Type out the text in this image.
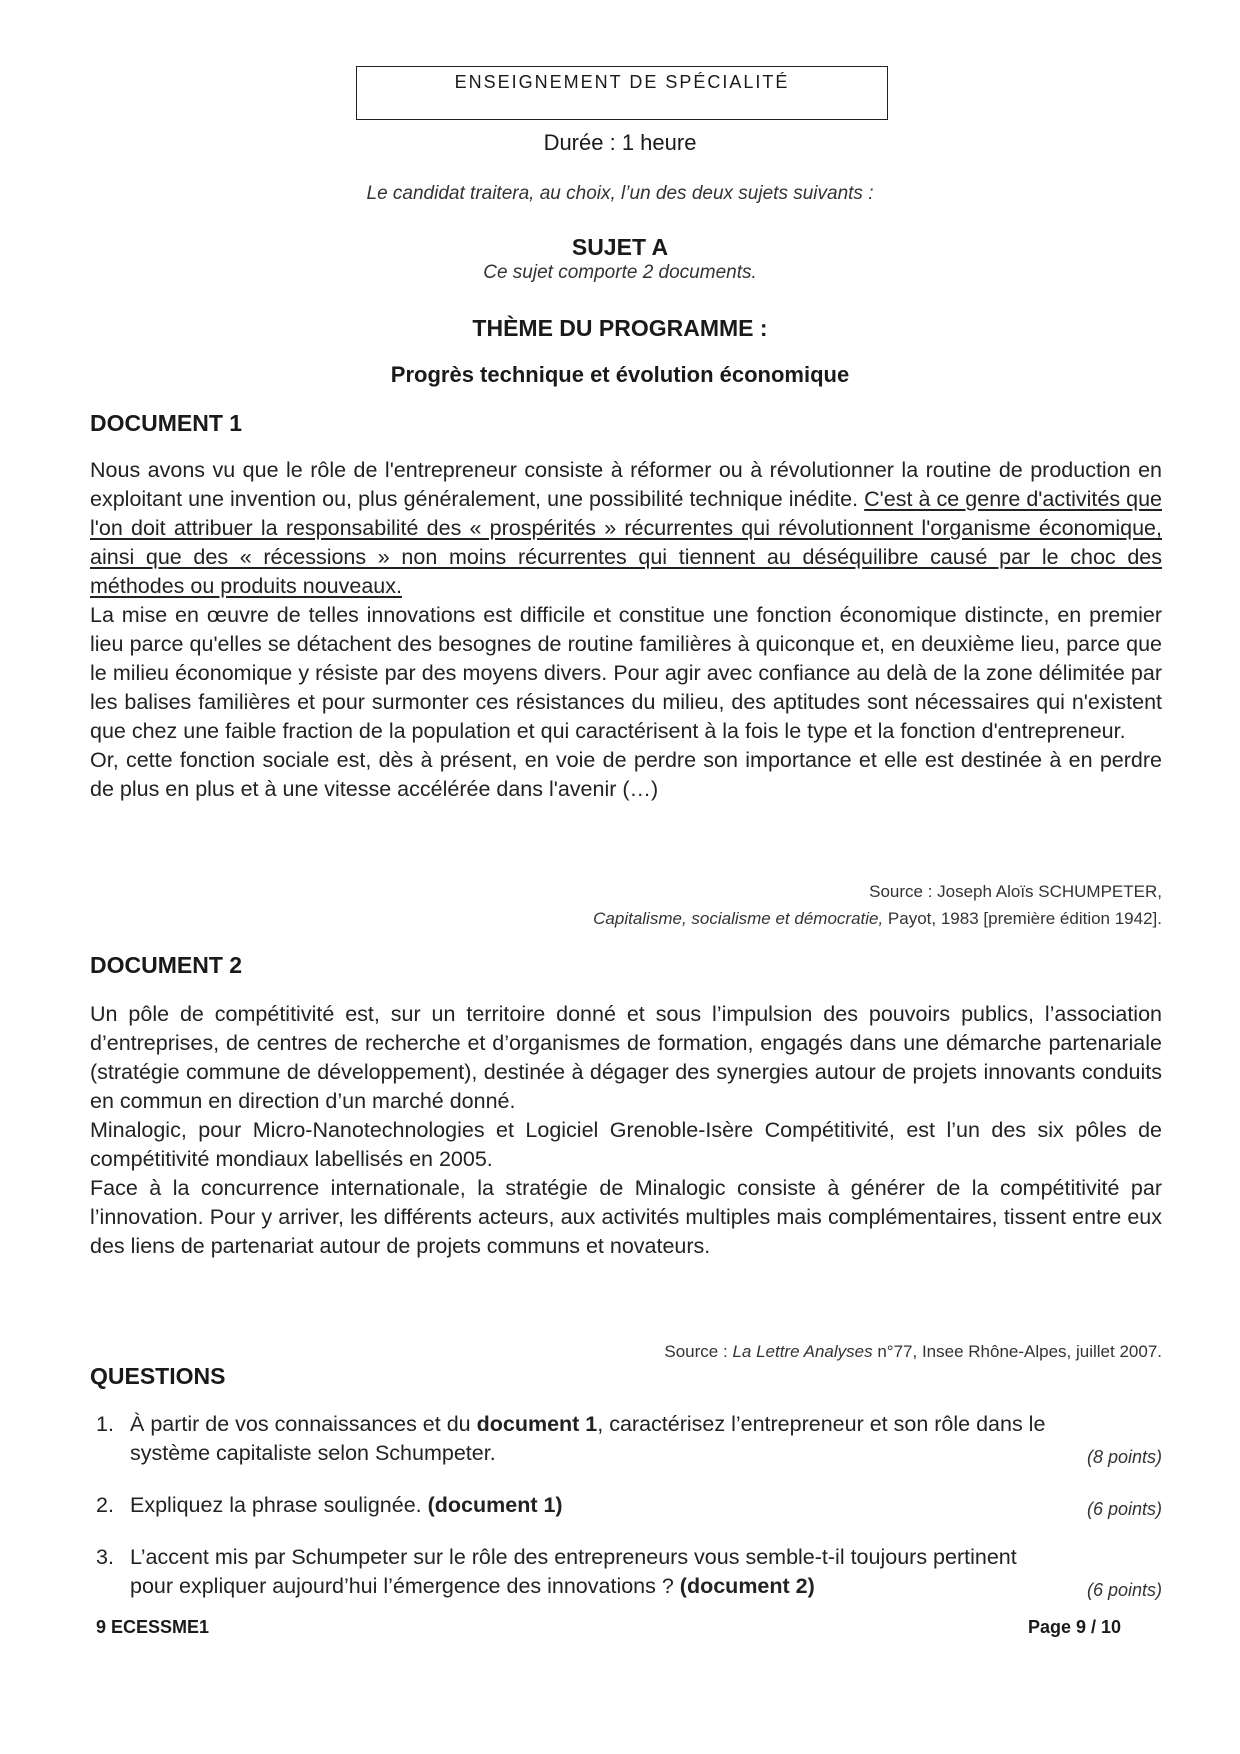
ENSEIGNEMENT DE SPÉCIALITÉ
Durée : 1 heure
Le candidat traitera, au choix, l’un des deux sujets suivants :
SUJET A
Ce sujet comporte 2 documents.
THÈME DU PROGRAMME :
Progrès technique et évolution économique
DOCUMENT 1

Nous avons vu que le rôle de l'entrepreneur consiste à réformer ou à révolutionner la routine de production en exploitant une invention ou, plus généralement, une possibilité technique inédite. C'est à ce genre d'activités que l'on doit attribuer la responsabilité des « prospérités » récurrentes qui révolutionnent l'organisme économique, ainsi que des « récessions » non moins récurrentes qui tiennent au déséquilibre causé par le choc des méthodes ou produits nouveaux.

La mise en œuvre de telles innovations est difficile et constitue une fonction économique distincte, en premier lieu parce qu'elles se détachent des besognes de routine familières à quiconque et, en deuxième lieu, parce que le milieu économique y résiste par des moyens divers. Pour agir avec confiance au delà de la zone délimitée par les balises familières et pour surmonter ces résistances du milieu, des aptitudes sont nécessaires qui n'existent que chez une faible fraction de la population et qui caractérisent à la fois le type et la fonction d'entrepreneur.

Or, cette fonction sociale est, dès à présent, en voie de perdre son importance et elle est destinée à en perdre de plus en plus et à une vitesse accélérée dans l'avenir (…)

Source : Joseph Aloïs SCHUMPETER,
Capitalisme, socialisme et démocratie, Payot, 1983 [première édition 1942].
DOCUMENT 2

Un pôle de compétitivité est, sur un territoire donné et sous l’impulsion des pouvoirs publics, l’association d’entreprises, de centres de recherche et d’organismes de formation, engagés dans une démarche partenariale (stratégie commune de développement), destinée à dégager des synergies autour de projets innovants conduits en commun en direction d’un marché donné.

Minalogic, pour Micro-Nanotechnologies et Logiciel Grenoble-Isère Compétitivité, est l’un des six pôles de compétitivité mondiaux labellisés en 2005.

Face à la concurrence internationale, la stratégie de Minalogic consiste à générer de la compétitivité par l’innovation. Pour y arriver, les différents acteurs, aux activités multiples mais complémentaires, tissent entre eux des liens de partenariat autour de projets communs et novateurs.

Source : La Lettre Analyses n°77, Insee Rhône-Alpes, juillet 2007.
QUESTIONS
1. À partir de vos connaissances et du document 1, caractérisez l’entrepreneur et son rôle dans le système capitaliste selon Schumpeter.	(8 points)
2. Expliquez la phrase soulignée. (document 1)	(6 points)
3. L’accent mis par Schumpeter sur le rôle des entrepreneurs vous semble-t-il toujours pertinent pour expliquer aujourd’hui l’émergence des innovations ? (document 2)	(6 points)
9 ECESSME1	Page 9 / 10
